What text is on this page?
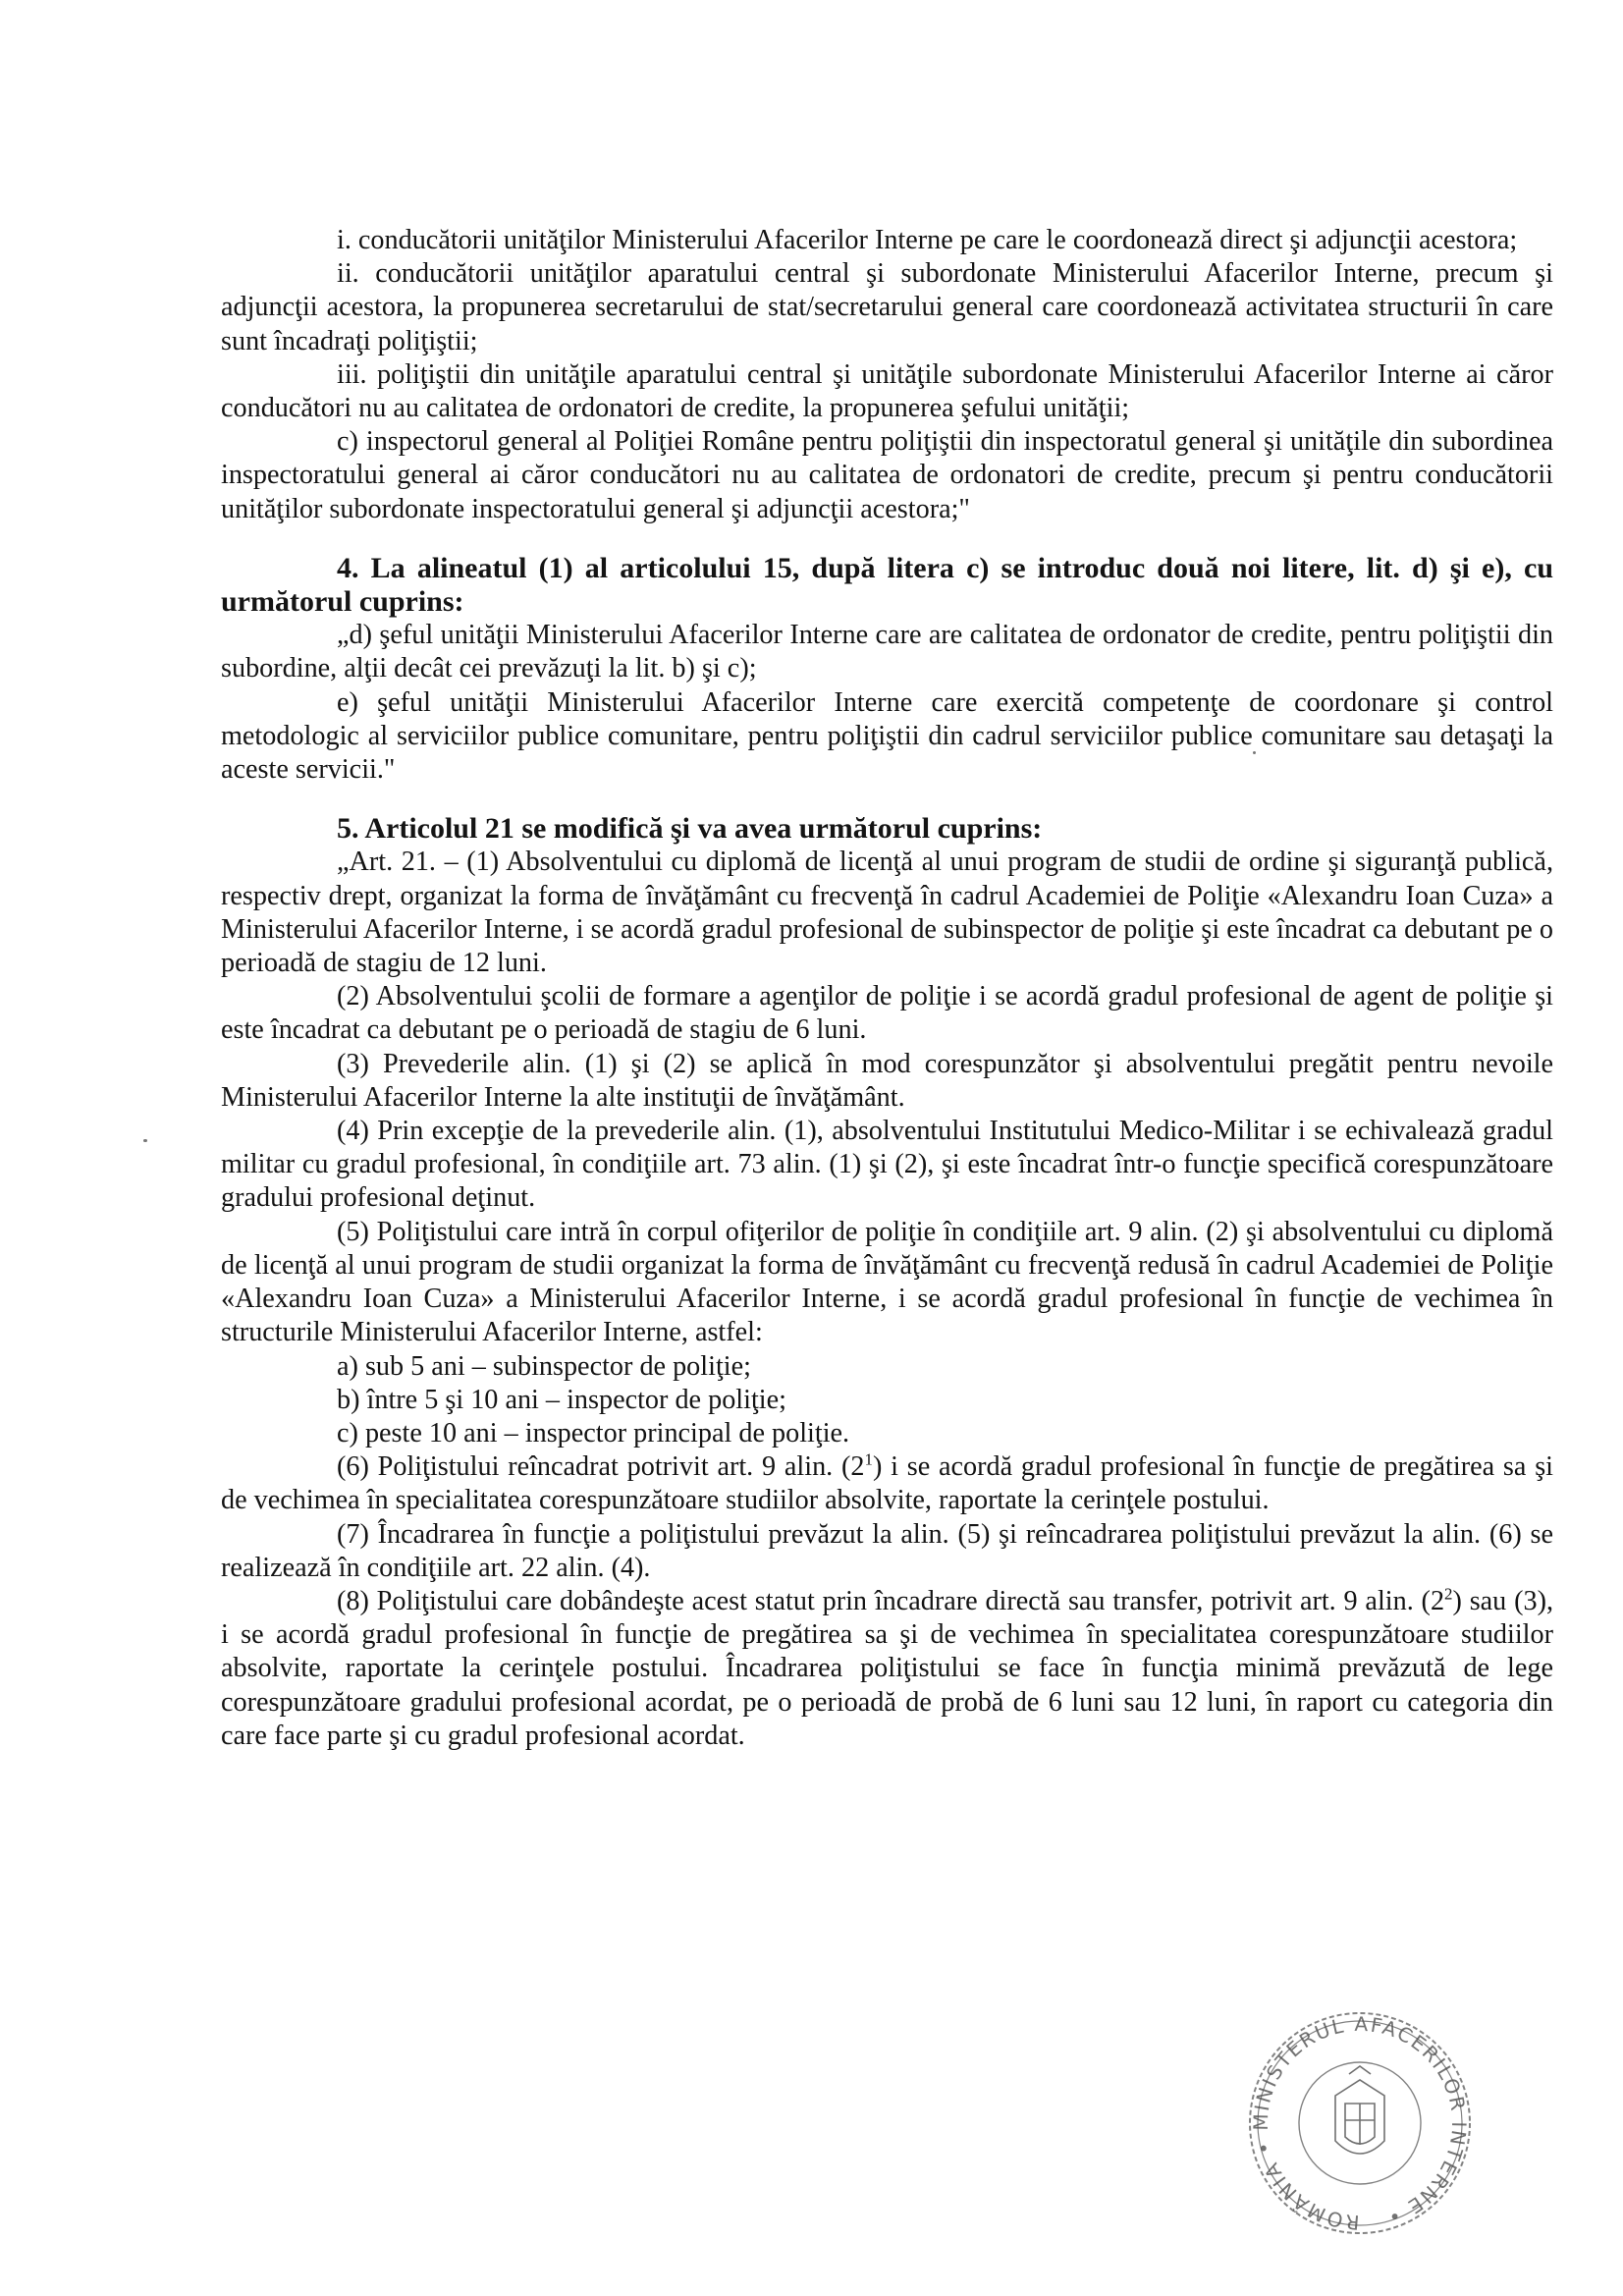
i. conducătorii unităţilor Ministerului Afacerilor Interne pe care le coordonează direct şi adjuncţii acestora;

ii. conducătorii unităţilor aparatului central şi subordonate Ministerului Afacerilor Interne, precum şi adjuncţii acestora, la propunerea secretarului de stat/secretarului general care coordonează activitatea structurii în care sunt încadraţi poliţiştii;

iii. poliţiştii din unităţile aparatului central şi unităţile subordonate Ministerului Afacerilor Interne ai căror conducători nu au calitatea de ordonatori de credite, la propunerea şefului unităţii;

c) inspectorul general al Poliţiei Române pentru poliţiştii din inspectoratul general şi unităţile din subordinea inspectoratului general ai căror conducători nu au calitatea de ordonatori de credite, precum şi pentru conducătorii unităţilor subordonate inspectoratului general şi adjuncţii acestora;"

4. La alineatul (1) al articolului 15, după litera c) se introduc două noi litere, lit. d) şi e), cu următorul cuprins:

„d) şeful unităţii Ministerului Afacerilor Interne care are calitatea de ordonator de credite, pentru poliţiştii din subordine, alţii decât cei prevăzuţi la lit. b) şi c);

e) şeful unităţii Ministerului Afacerilor Interne care exercită competenţe de coordonare şi control metodologic al serviciilor publice comunitare, pentru poliţiştii din cadrul serviciilor publice comunitare sau detaşaţi la aceste servicii."

5. Articolul 21 se modifică şi va avea următorul cuprins:

„Art. 21. – (1) Absolventului cu diplomă de licenţă al unui program de studii de ordine şi siguranţă publică, respectiv drept, organizat la forma de învăţământ cu frecvenţă în cadrul Academiei de Poliţie «Alexandru Ioan Cuza» a Ministerului Afacerilor Interne, i se acordă gradul profesional de subinspector de poliţie şi este încadrat ca debutant pe o perioadă de stagiu de 12 luni.

(2) Absolventului şcolii de formare a agenţilor de poliţie i se acordă gradul profesional de agent de poliţie şi este încadrat ca debutant pe o perioadă de stagiu de 6 luni.

(3) Prevederile alin. (1) şi (2) se aplică în mod corespunzător şi absolventului pregătit pentru nevoile Ministerului Afacerilor Interne la alte instituţii de învăţământ.

(4) Prin excepţie de la prevederile alin. (1), absolventului Institutului Medico-Militar i se echivalează gradul militar cu gradul profesional, în condiţiile art. 73 alin. (1) şi (2), şi este încadrat într-o funcţie specifică corespunzătoare gradului profesional deţinut.

(5) Poliţistului care intră în corpul ofiţerilor de poliţie în condiţiile art. 9 alin. (2) şi absolventului cu diplomă de licenţă al unui program de studii organizat la forma de învăţământ cu frecvenţă redusă în cadrul Academiei de Poliţie «Alexandru Ioan Cuza» a Ministerului Afacerilor Interne, i se acordă gradul profesional în funcţie de vechimea în structurile Ministerului Afacerilor Interne, astfel:

a) sub 5 ani – subinspector de poliţie;

b) între 5 şi 10 ani – inspector de poliţie;

c) peste 10 ani – inspector principal de poliţie.

(6) Poliţistului reîncadrat potrivit art. 9 alin. $(2^1)$ i se acordă gradul profesional în funcţie de pregătirea sa şi de vechimea în specialitatea corespunzătoare studiilor absolvite, raportate la cerinţele postului.

(7) Încadrarea în funcţie a poliţistului prevăzut la alin. (5) şi reîncadrarea poliţistului prevăzut la alin. (6) se realizează în condiţiile art. 22 alin. (4).

(8) Poliţistului care dobândeşte acest statut prin încadrare directă sau transfer, potrivit art. 9 alin. $(2^2)$ sau (3), i se acordă gradul profesional în funcţie de pregătirea sa şi de vechimea în specialitatea corespunzătoare studiilor absolvite, raportate la cerinţele postului. Încadrarea poliţistului se face în funcţia minimă prevăzută de lege corespunzătoare gradului profesional acordat, pe o perioadă de probă de 6 luni sau 12 luni, în raport cu categoria din care face parte şi cu gradul profesional acordat.

ROMÂNIA • MINISTERUL AFACERILOR INTERNE •
